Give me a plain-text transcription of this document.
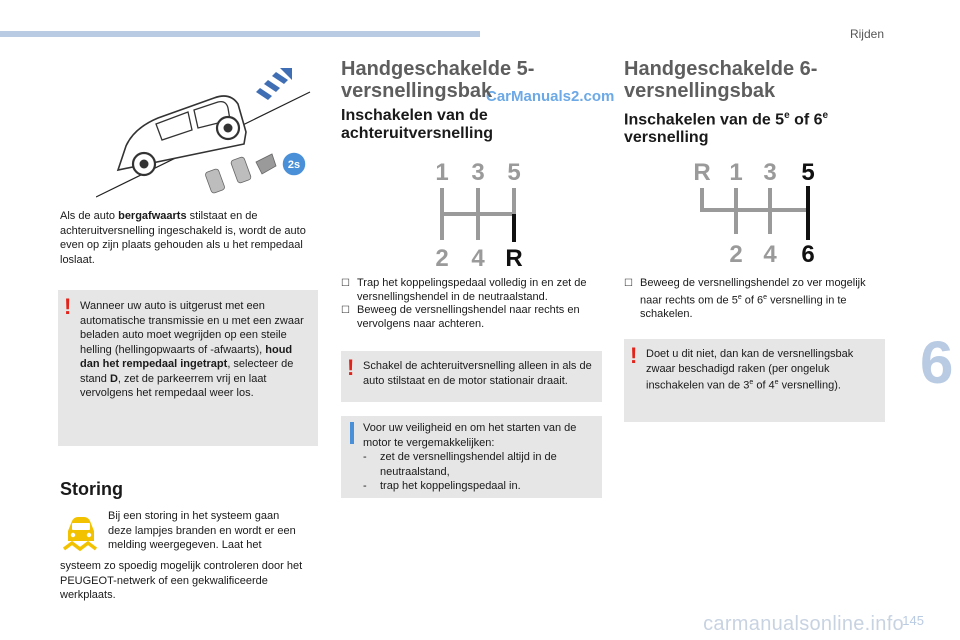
Rijden
6
CarManuals2.com
2s

Als de auto bergafwaarts stilstaat en de achteruitversnelling ingeschakeld is, wordt de auto even op zijn plaats gehouden als u het rempedaal loslaat.

! Wanneer uw auto is uitgerust met een automatische transmissie en u met een zwaar beladen auto moet wegrijden op een steile helling (hellingopwaarts of -afwaarts), houd dan het rempedaal ingetrapt, selecteer de stand D, zet de parkeerrem vrij en laat vervolgens het rempedaal weer los.

Storing

Bij een storing in het systeem gaan deze lampjes branden en wordt er een melding weergegeven. Laat het

systeem zo spoedig mogelijk controleren door het PEUGEOT-netwerk of een gekwalificeerde werkplaats.

Handgeschakelde 5-versnellingsbak
Inschakelen van de achteruitversnelling
1 3 5
2 4 R
☐ Trap het koppelingspedaal volledig in en zet de versnellingshendel in de neutraalstand.
☐ Beweeg de versnellingshendel naar rechts en vervolgens naar achteren.
! Schakel de achteruitversnelling alleen in als de auto stilstaat en de motor stationair draait.

Voor uw veiligheid en om het starten van de motor te vergemakkelijken:

- zet de versnellingshendel altijd in de neutraalstand,

- trap het koppelingspedaal in.

Handgeschakelde 6-versnellingsbak
Inschakelen van de 5e of 6e versnelling
R 1 3 5
2 4 6
☐ Beweeg de versnellingshendel zo ver mogelijk naar rechts om de 5e of 6e versnelling in te schakelen.
! Doet u dit niet, dan kan de versnellingsbak zwaar beschadigd raken (per ongeluk inschakelen van de 3e of 4e versnelling).

carmanualsonline.info
145
